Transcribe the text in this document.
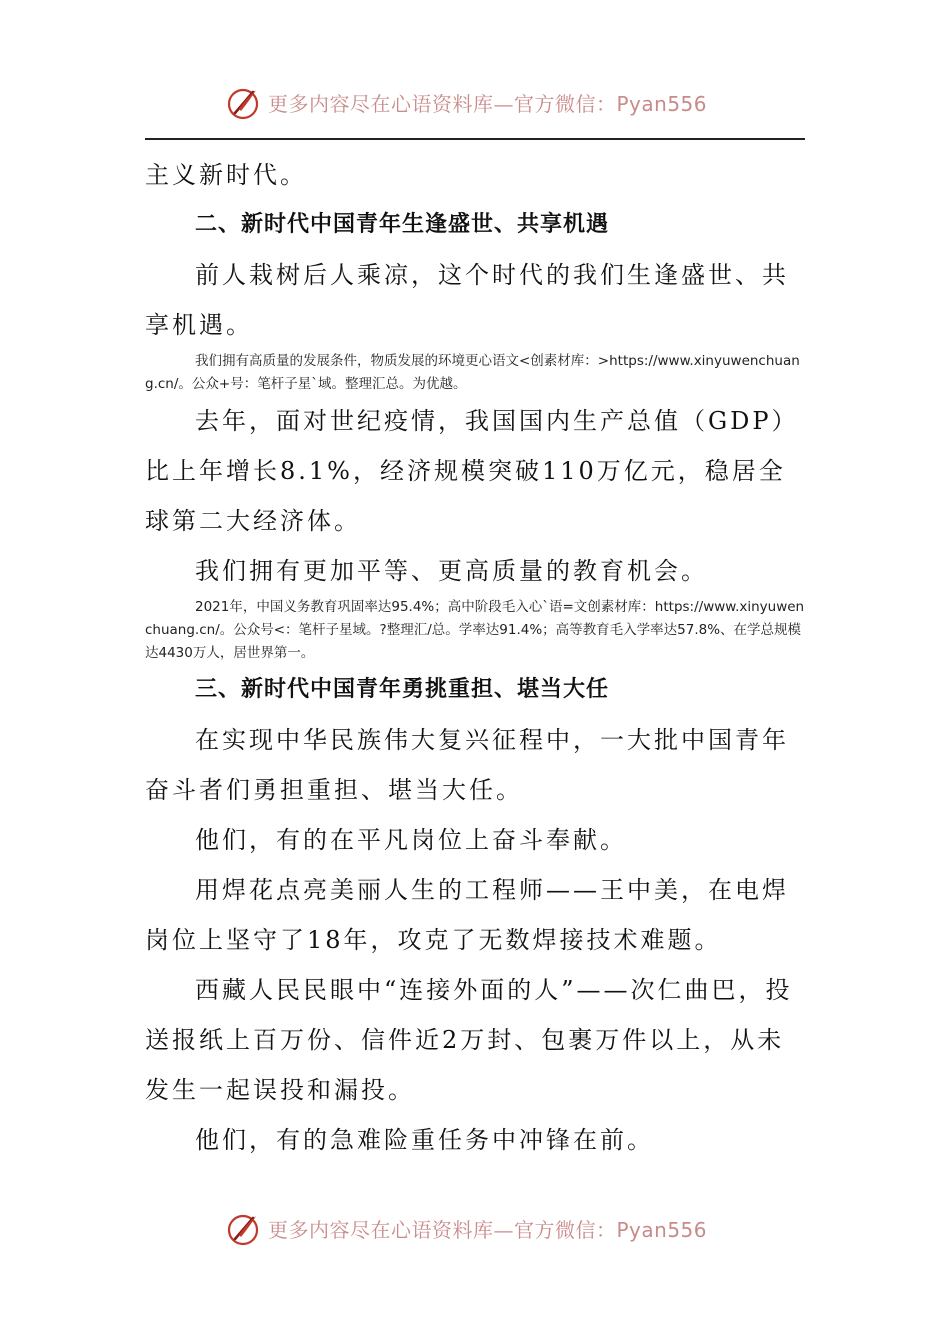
更多内容尽在心语资料库—官方微信：Pyan556

主义新时代。

二、新时代中国青年生逢盛世、共享机遇

前人栽树后人乘凉，这个时代的我们生逢盛世、共享机遇。

我们拥有高质量的发展条件，物质发展的环境更心语文<创素材库：>https://www.xinyuwenchuang.cn/。公众+号：笔杆子星`域。整理汇总。为优越。

去年，面对世纪疫情，我国国内生产总值（GDP）比上年增长8.1%，经济规模突破110万亿元，稳居全球第二大经济体。

我们拥有更加平等、更高质量的教育机会。

2021年，中国义务教育巩固率达95.4%；高中阶段毛入心`语=文创素材库：https://www.xinyuwenchuang.cn/。公众号<：笔杆子星域。?整理汇/总。学率达91.4%；高等教育毛入学率达57.8%、在学总规模达4430万人，居世界第一。

三、新时代中国青年勇挑重担、堪当大任

在实现中华民族伟大复兴征程中，一大批中国青年奋斗者们勇担重担、堪当大任。

他们，有的在平凡岗位上奋斗奉献。

用焊花点亮美丽人生的工程师——王中美，在电焊岗位上坚守了18年，攻克了无数焊接技术难题。

西藏人民民眼中“连接外面的人”——次仁曲巴，投送报纸上百万份、信件近2万封、包裹万件以上，从未发生一起误投和漏投。

他们，有的急难险重任务中冲锋在前。

更多内容尽在心语资料库—官方微信：Pyan556
